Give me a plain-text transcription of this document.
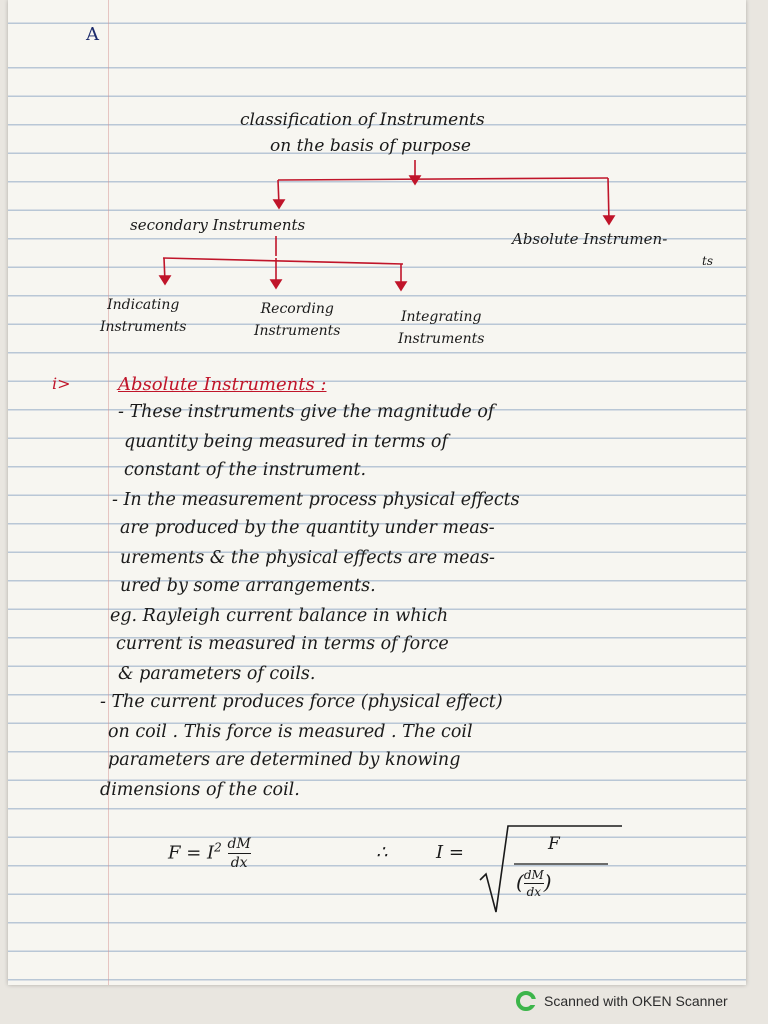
A
classification of Instruments
on the basis of purpose
secondary Instruments
Absolute Instrumen-
ts
Indicating
Instruments
Recording
Instruments
Integrating
Instruments
i>	Absolute Instruments :
- These instruments give the magnitude of
quantity being measured in terms of
constant of the instrument.
- In the measurement process physical effects
are produced by the quantity under meas-
urements & the physical effects are meas-
ured by some arrangements.
eg. Rayleigh current balance in which
current is measured in terms of force
& parameters of coils.
- The current produces force (physical effect)
on coil . This force is measured . The coil
parameters are determined by knowing
dimensions of the coil.
$F = I^2 \frac{dM}{dx}$	∴	I =	F
( $\frac{dM}{dx}$ )
Scanned with OKEN Scanner
